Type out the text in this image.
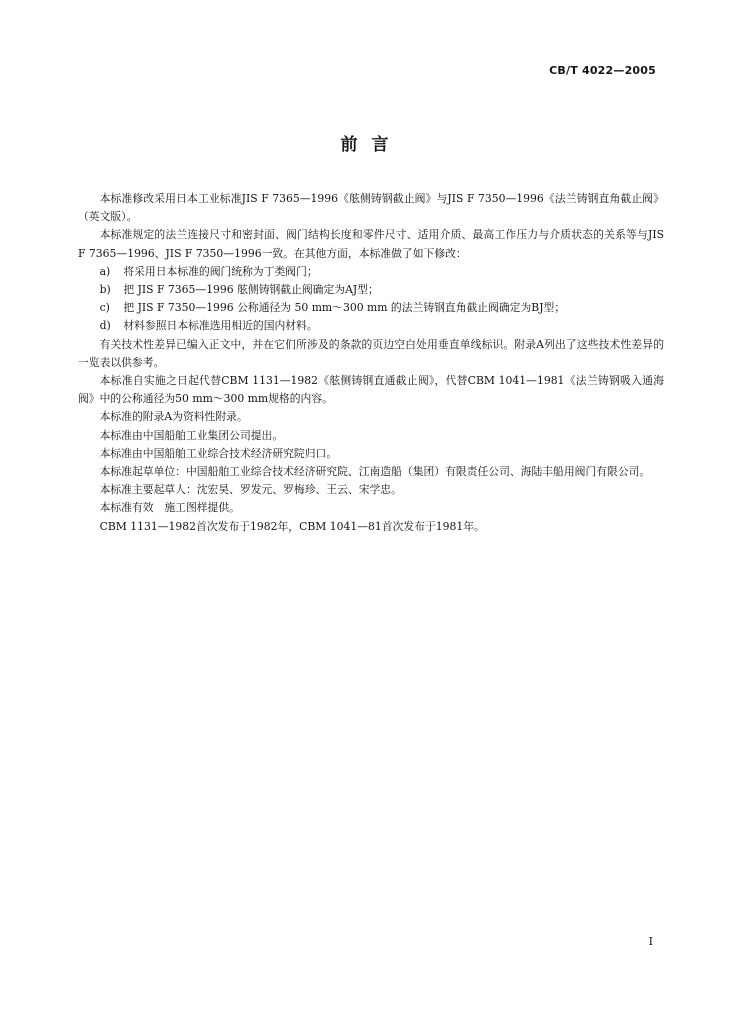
CB/T 4022—2005
前言

本标准修改采用日本工业标准JIS F 7365—1996《舷侧铸钢截止阀》与JIS F 7350—1996《法兰铸钢直角截止阀》（英文版）。

本标准规定的法兰连接尺寸和密封面、阀门结构长度和零件尺寸、适用介质、最高工作压力与介质状态的关系等与JIS F 7365—1996、JIS F 7350—1996一致。在其他方面，本标准做了如下修改：

a) 将采用日本标准的阀门统称为丁类阀门；

b) 把 JIS F 7365—1996 舷侧铸钢截止阀确定为AJ型；

c) 把 JIS F 7350—1996 公称通径为 50 mm～300 mm 的法兰铸钢直角截止阀确定为BJ型；

d) 材料参照日本标准选用相近的国内材料。

有关技术性差异已编入正文中，并在它们所涉及的条款的页边空白处用垂直单线标识。附录A列出了这些技术性差异的一览表以供参考。

本标准自实施之日起代替CBM 1131—1982《舷侧铸钢直通截止阀》，代替CBM 1041—1981《法兰铸钢吸入通海阀》中的公称通径为50 mm～300 mm规格的内容。

本标准的附录A为资料性附录。

本标准由中国船舶工业集团公司提出。

本标准由中国船舶工业综合技术经济研究院归口。

本标准起草单位：中国船舶工业综合技术经济研究院、江南造船（集团）有限责任公司、海陆丰船用阀门有限公司。

本标准主要起草人：沈宏昊、罗发元、罗梅珍、王云、宋学忠。

本标准有效　施工图样提供。

CBM 1131—1982首次发布于1982年，CBM 1041—81首次发布于1981年。

I
